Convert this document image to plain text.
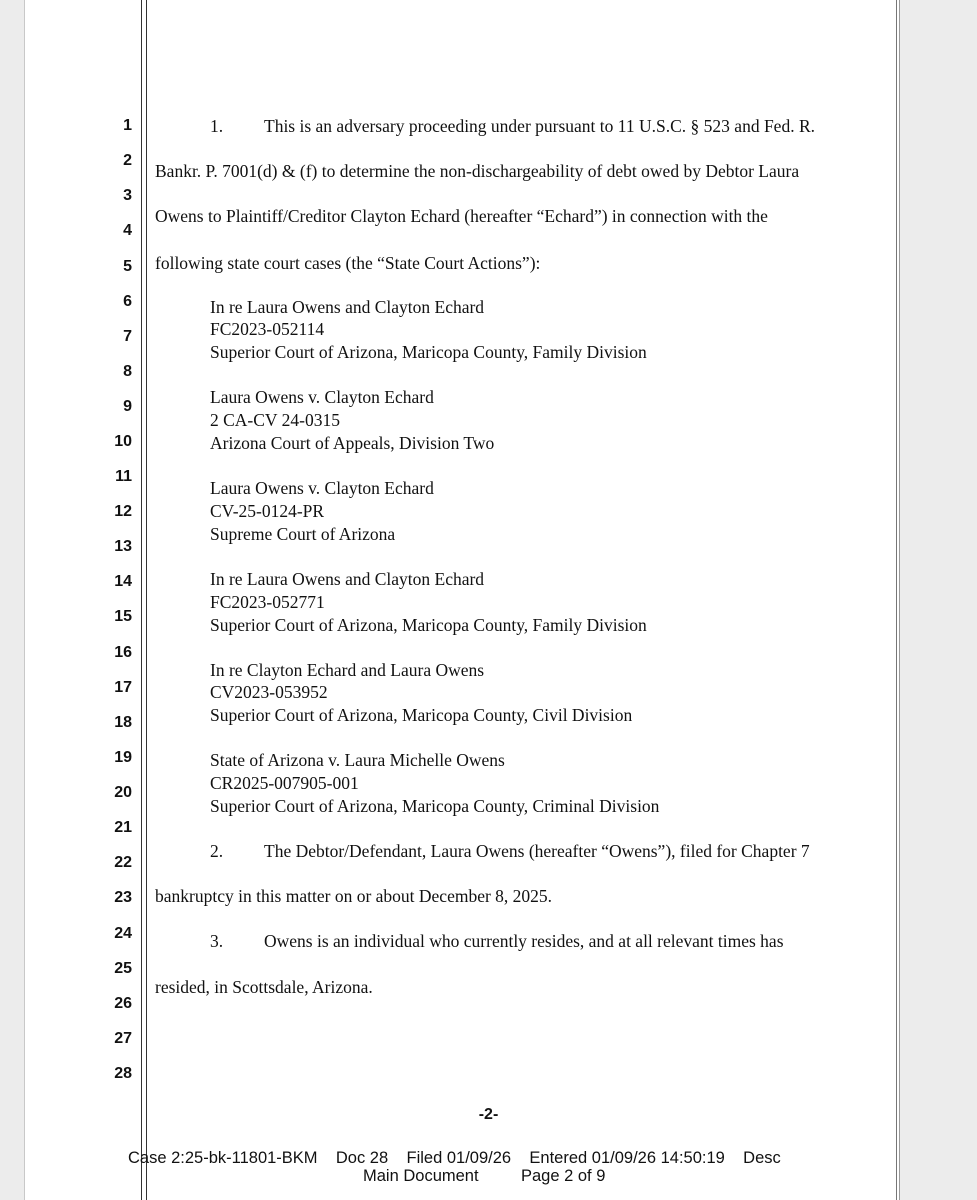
1
2
3
4
5
6
7
8
9
10
11
12
13
14
15
16
17
18
19
20
21
22
23
24
25
26
27
28
1. This is an adversary proceeding under pursuant to 11 U.S.C. § 523 and Fed. R.
Bankr. P. 7001(d) & (f) to determine the non-dischargeability of debt owed by Debtor Laura
Owens to Plaintiff/Creditor Clayton Echard (hereafter “Echard”) in connection with the
following state court cases (the “State Court Actions”):
In re Laura Owens and Clayton Echard
FC2023-052114
Superior Court of Arizona, Maricopa County, Family Division
Laura Owens v. Clayton Echard
2 CA-CV 24-0315
Arizona Court of Appeals, Division Two
Laura Owens v. Clayton Echard
CV-25-0124-PR
Supreme Court of Arizona
In re Laura Owens and Clayton Echard
FC2023-052771
Superior Court of Arizona, Maricopa County, Family Division
In re Clayton Echard and Laura Owens
CV2023-053952
Superior Court of Arizona, Maricopa County, Civil Division
State of Arizona v. Laura Michelle Owens
CR2025-007905-001
Superior Court of Arizona, Maricopa County, Criminal Division
2. The Debtor/Defendant, Laura Owens (hereafter “Owens”), filed for Chapter 7
bankruptcy in this matter on or about December 8, 2025.
3. Owens is an individual who currently resides, and at all relevant times has
resided, in Scottsdale, Arizona.
-2-
Case 2:25-bk-11801-BKM    Doc 28    Filed 01/09/26    Entered 01/09/26 14:50:19    Desc
Main Document	Page 2 of 9
